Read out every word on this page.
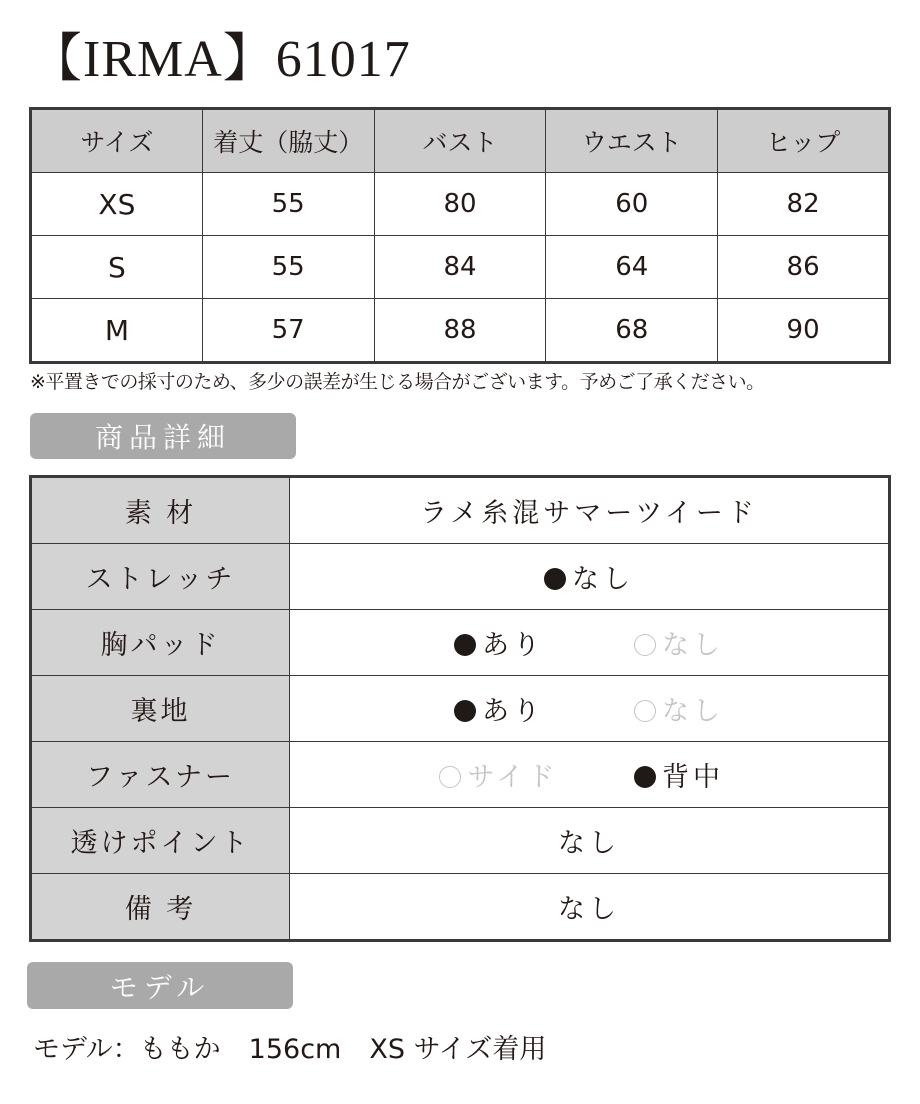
【IRMA】61017
サイズ	着丈（脇丈）	バスト	ウエスト	ヒップ
XS	55	80	60	82
S	55	84	64	86
M	57	88	68	90
※平置きでの採寸のため、多少の誤差が生じる場合がございます。予めご了承ください。
商品詳細
素 材	ラメ糸混サマーツイード
ストレッチ	なし
胸パッド	あり なし
裏地	あり なし
ファスナー	サイド 背中
透けポイント	なし
備 考	なし
モデル
モデル：ももか 156cm XS サイズ着用
